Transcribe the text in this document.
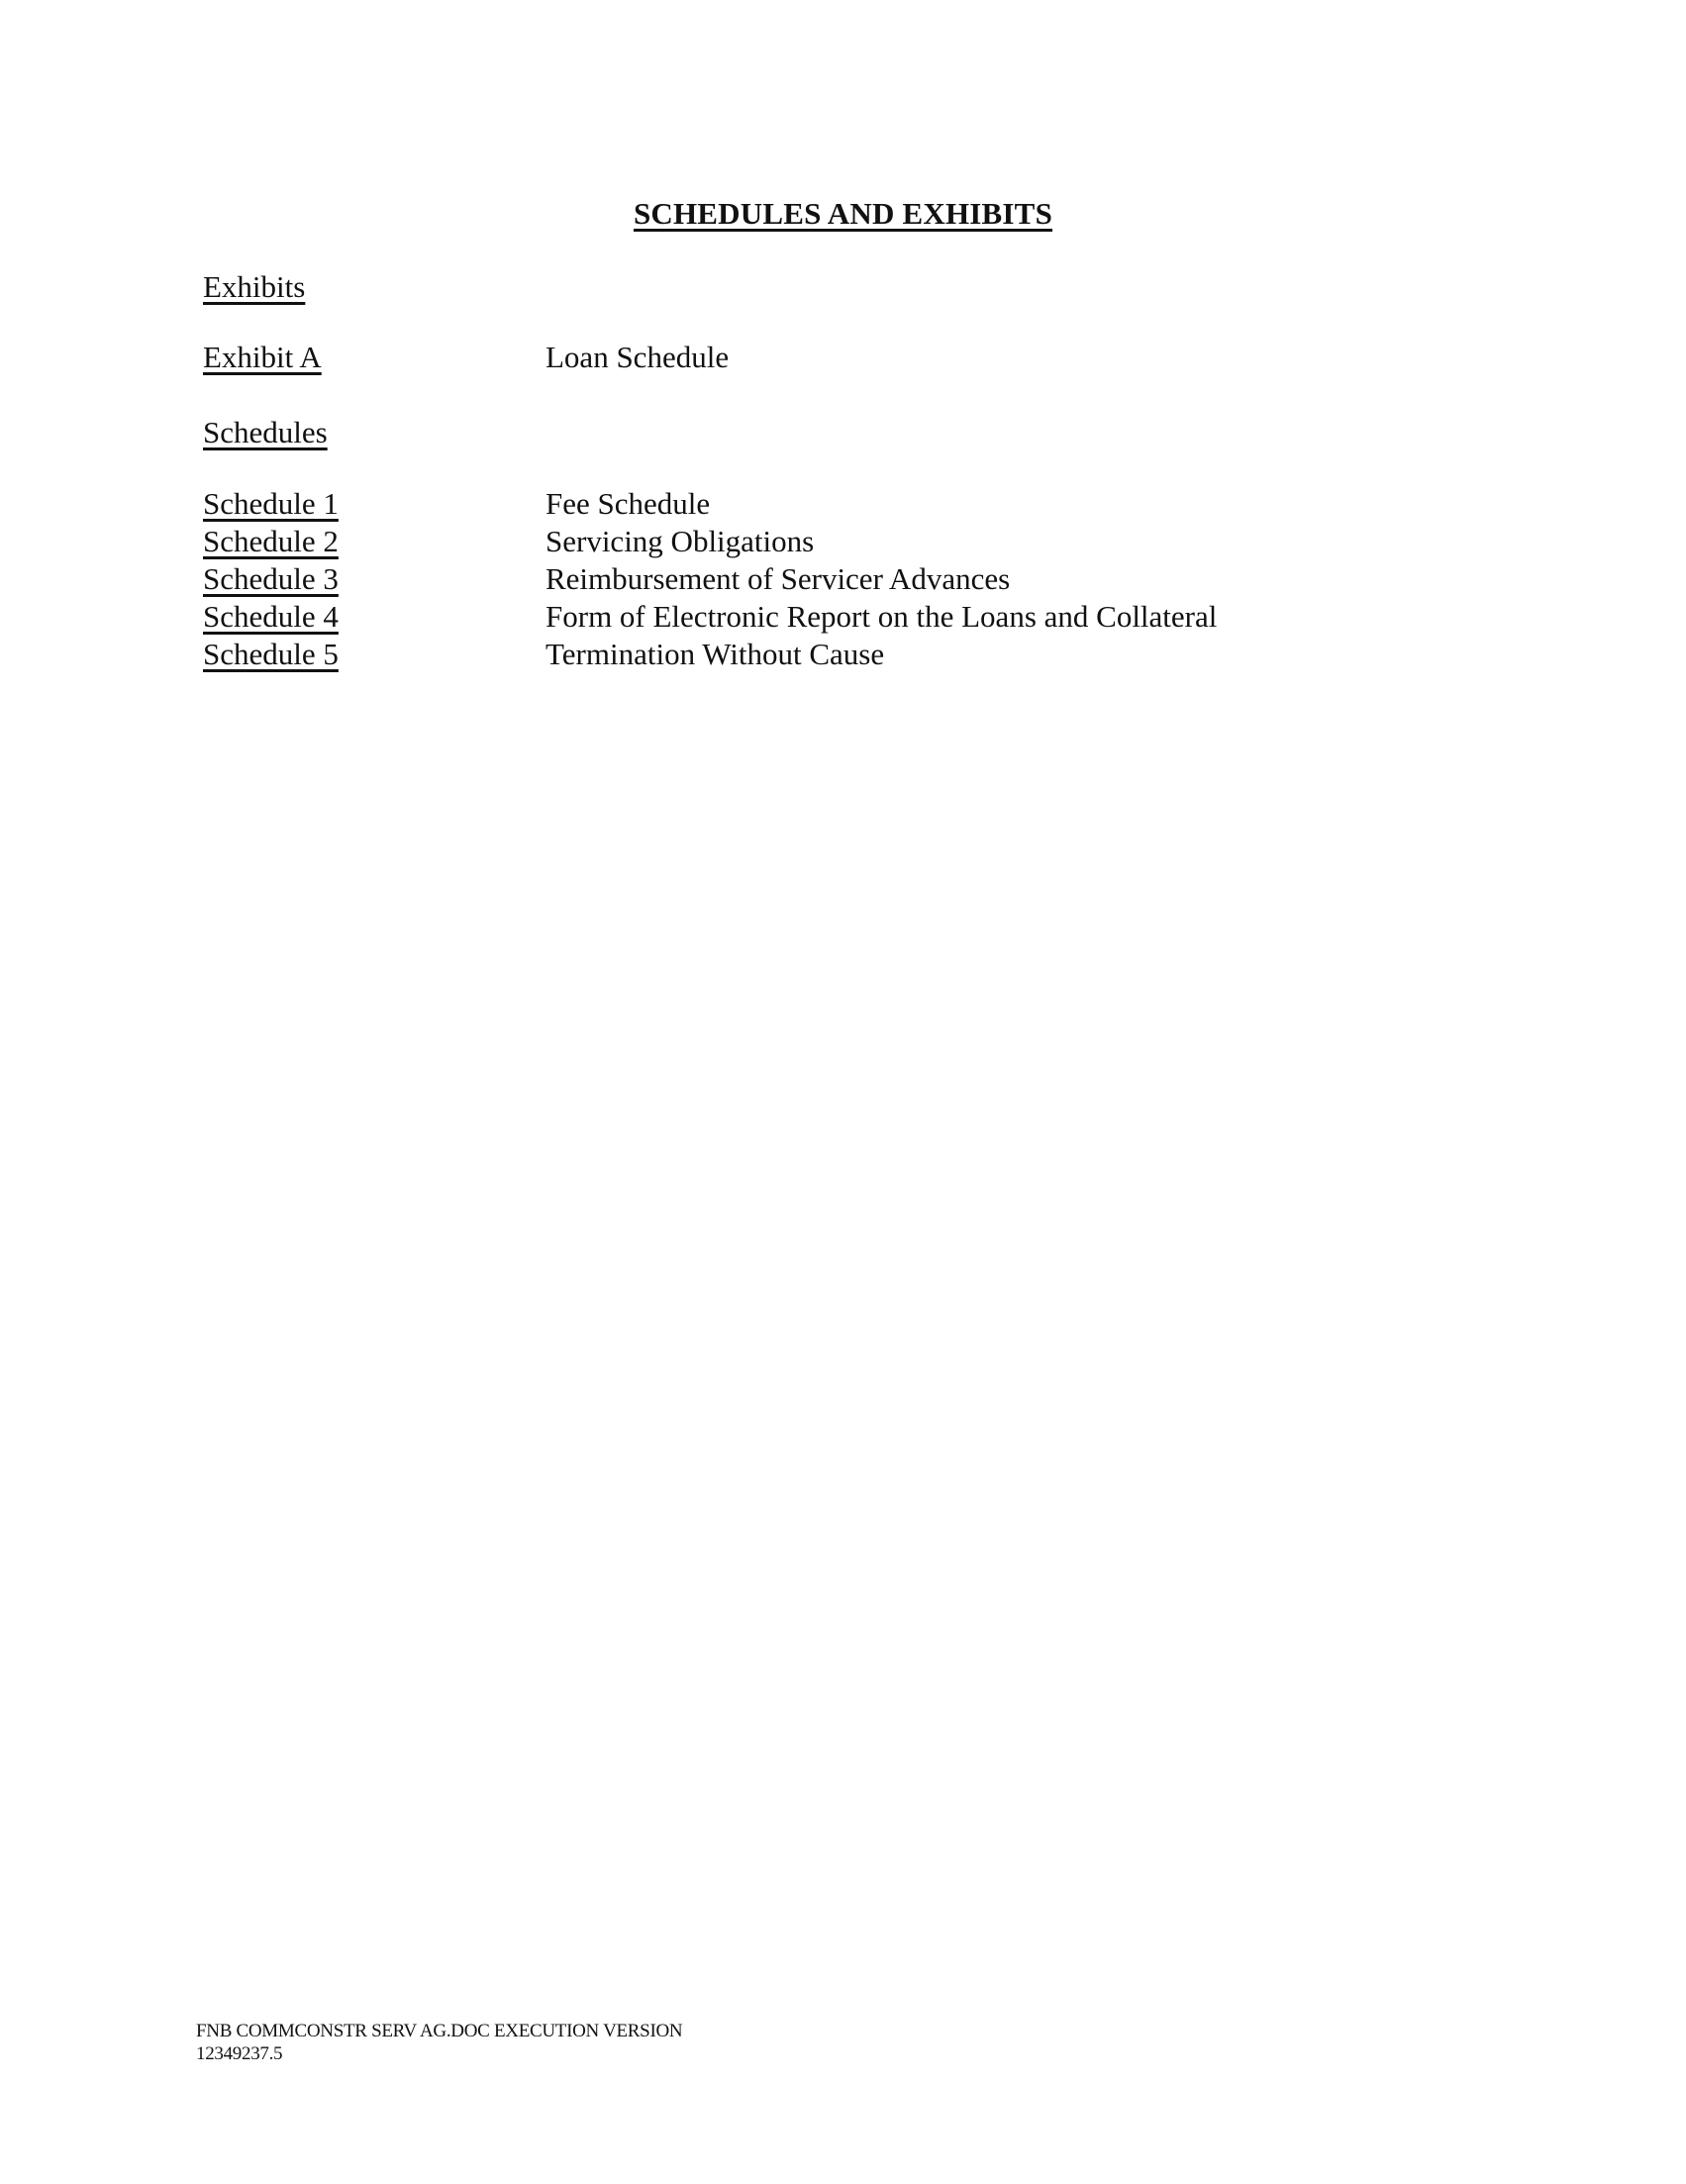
SCHEDULES AND EXHIBITS
Exhibits
Exhibit A	Loan Schedule
Schedules
Schedule 1	Fee Schedule
Schedule 2	Servicing Obligations
Schedule 3	Reimbursement of Servicer Advances
Schedule 4	Form of Electronic Report on the Loans and Collateral
Schedule 5	Termination Without Cause
FNB COMMCONSTR SERV AG.DOC EXECUTION VERSION
12349237.5
